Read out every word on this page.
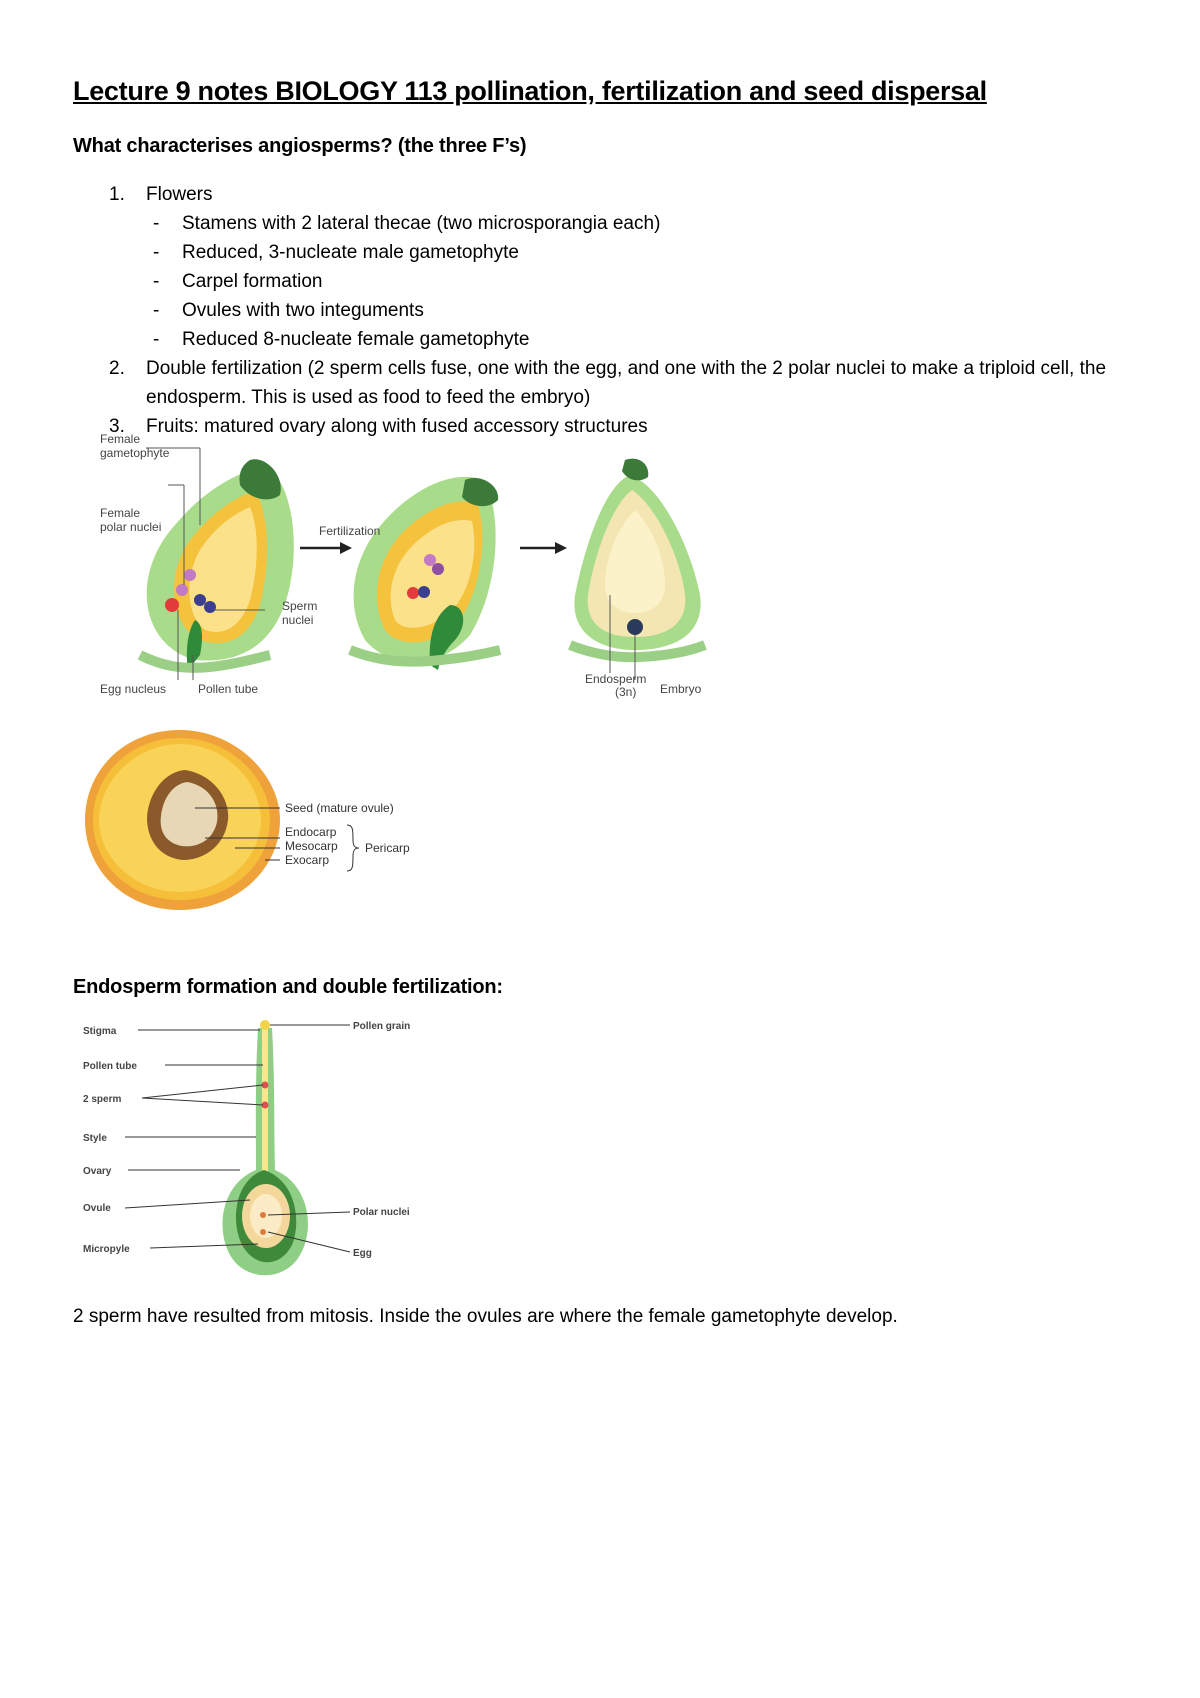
Lecture 9 notes BIOLOGY 113 pollination, fertilization and seed dispersal
What characterises angiosperms? (the three F’s)
1. Flowers
- Stamens with 2 lateral thecae (two microsporangia each)
- Reduced, 3-nucleate male gametophyte
- Carpel formation
- Ovules with two integuments
- Reduced 8-nucleate female gametophyte
2. Double fertilization (2 sperm cells fuse, one with the egg, and one with the 2 polar nuclei to make a triploid cell, the endosperm. This is used as food to feed the embryo)
3. Fruits: matured ovary along with fused accessory structures
Female
gametophyte
Female
polar nuclei	Fertilization
Sperm
nuclei
Egg nucleus	Pollen tube
Endosperm
(3n) Embryo
Seed (mature ovule)
Endocarp
Mesocarp
Exocarp
Pericarp
Endosperm formation and double fertilization:
Stigma
Pollen tube
2 sperm
Style
Ovary
Ovule
Micropyle
Pollen grain
Polar nuclei
Egg
2 sperm have resulted from mitosis. Inside the ovules are where the female gametophyte develop.
